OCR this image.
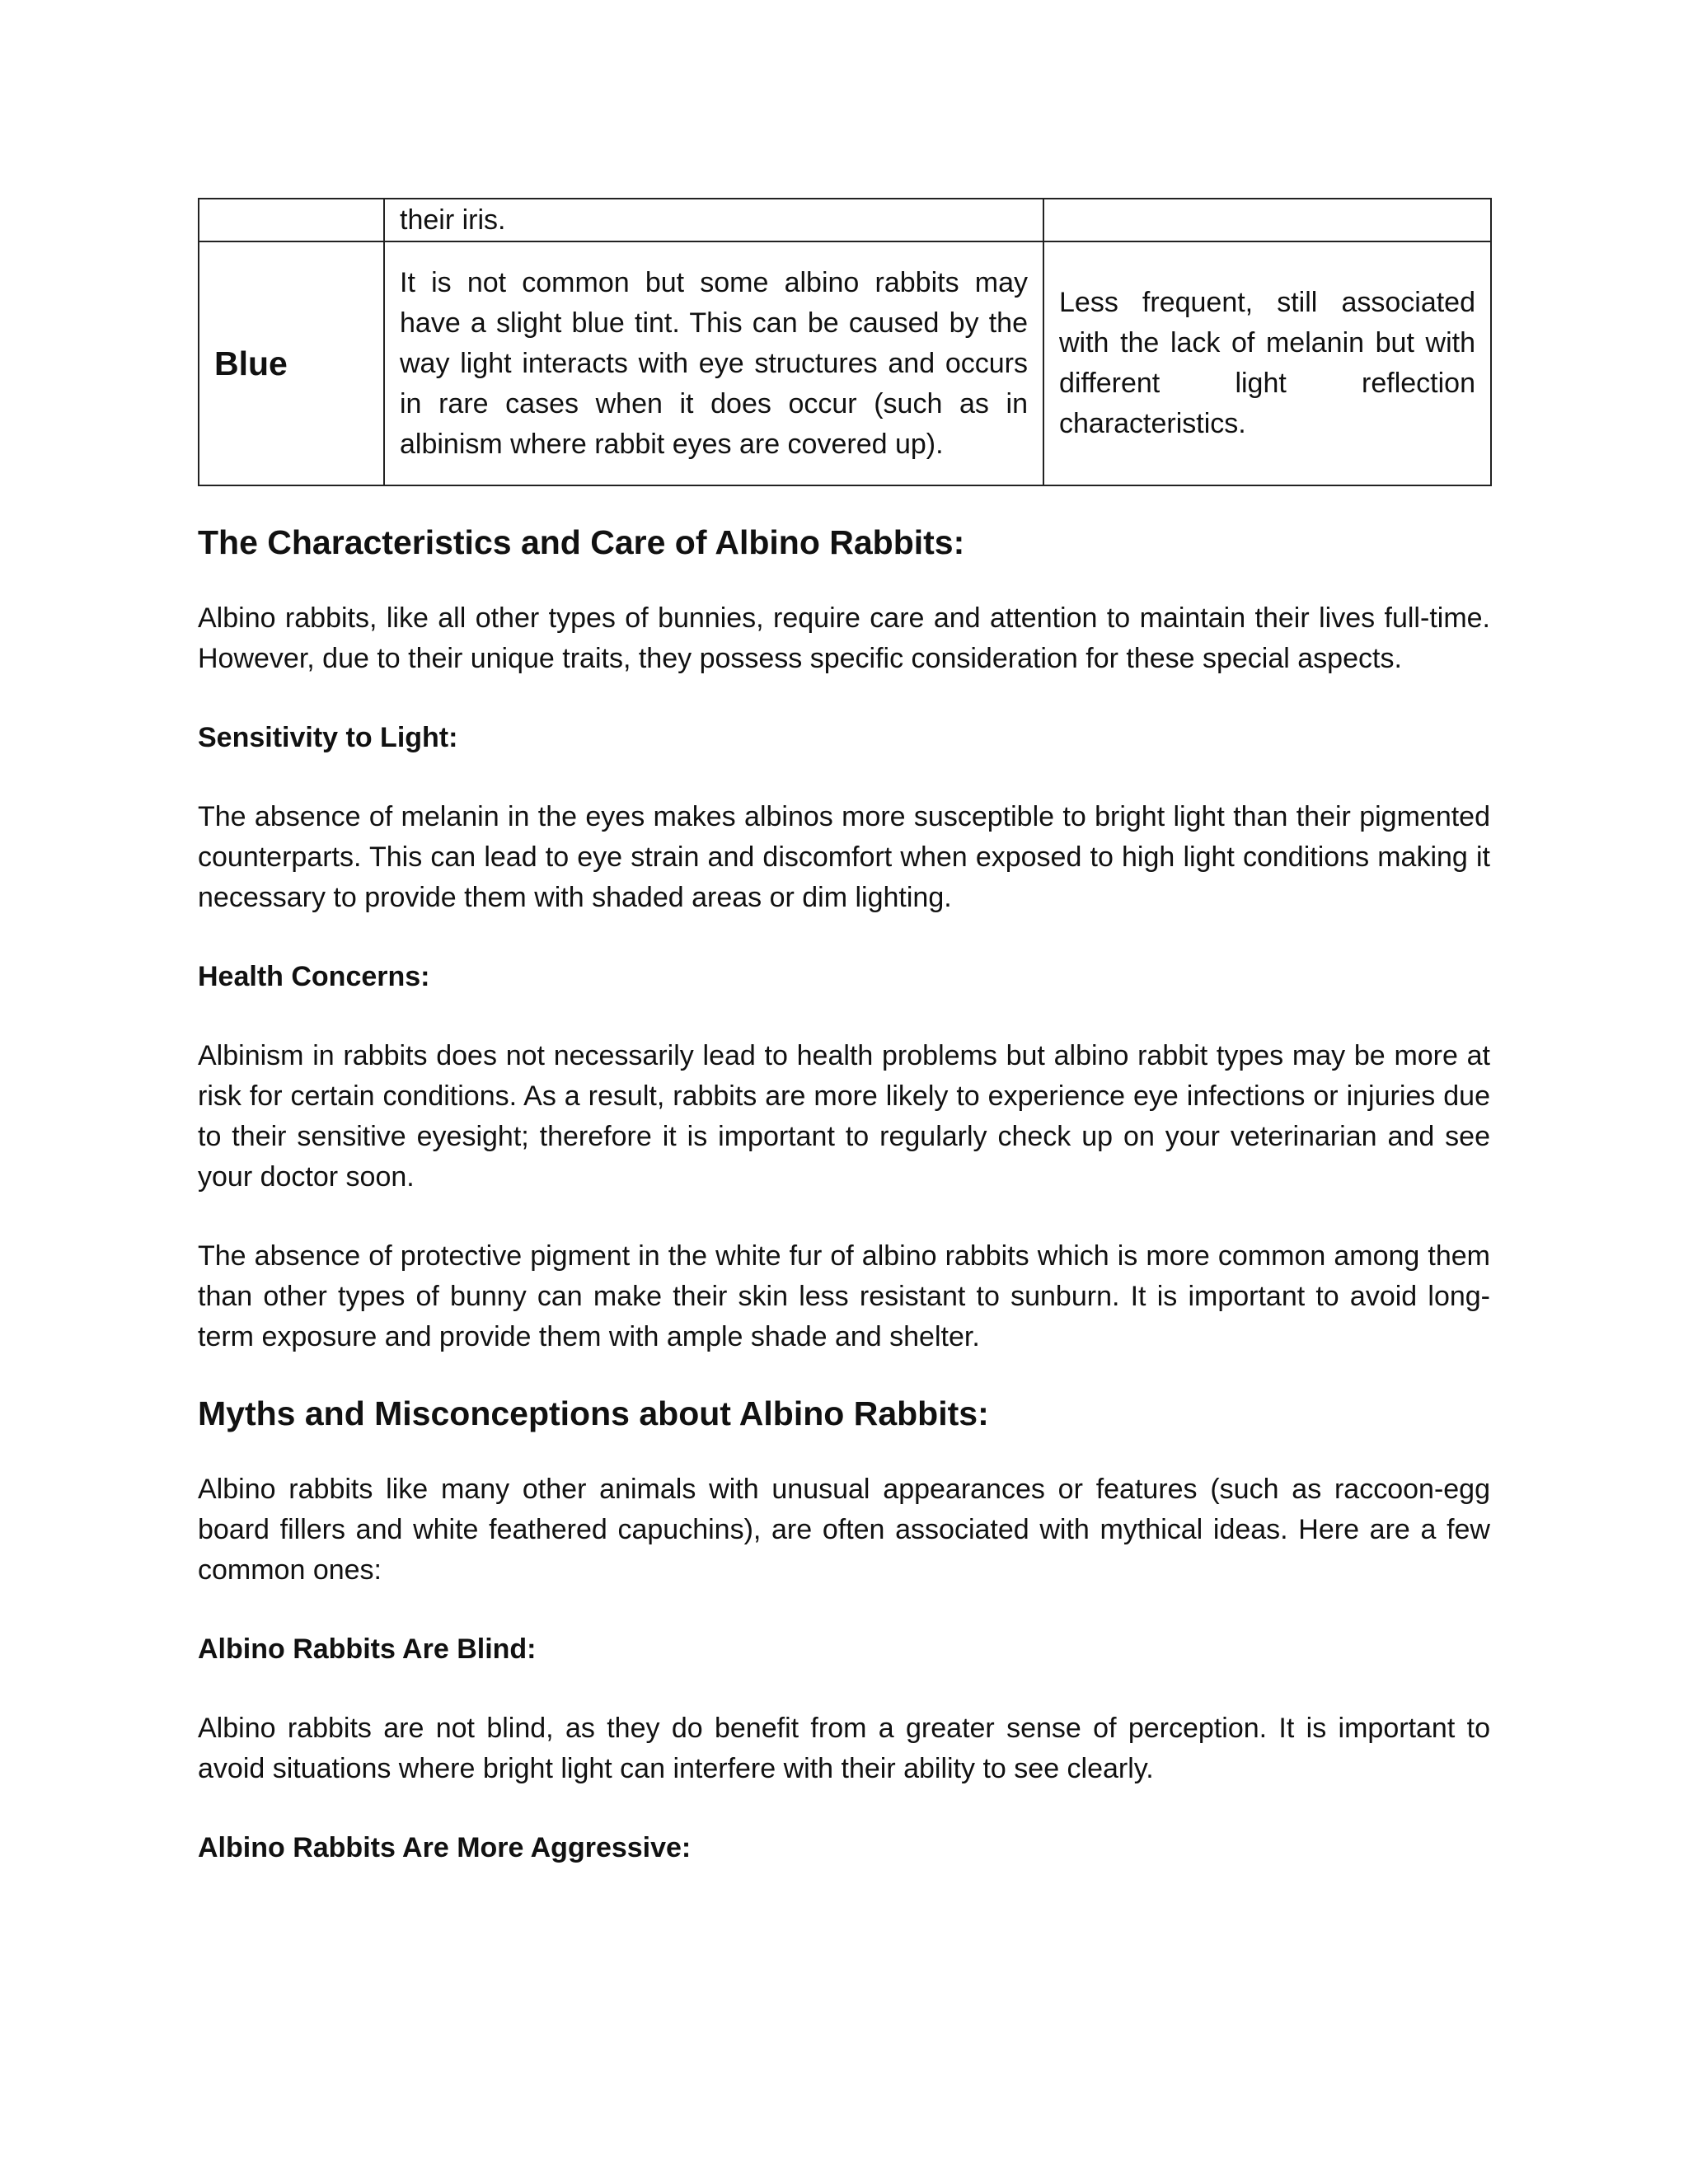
	their iris.	
Blue	It is not common but some albino rabbits may have a slight blue tint. This can be caused by the way light interacts with eye structures and occurs in rare cases when it does occur (such as in albinism where rabbit eyes are covered up).	Less frequent, still associated with the lack of melanin but with different light reflection characteristics.
The Characteristics and Care of Albino Rabbits:

Albino rabbits, like all other types of bunnies, require care and attention to maintain their lives full-time. However, due to their unique traits, they possess specific consideration for these special aspects.

Sensitivity to Light:

The absence of melanin in the eyes makes albinos more susceptible to bright light than their pigmented counterparts. This can lead to eye strain and discomfort when exposed to high light conditions making it necessary to provide them with shaded areas or dim lighting.

Health Concerns:

Albinism in rabbits does not necessarily lead to health problems but albino rabbit types may be more at risk for certain conditions. As a result, rabbits are more likely to experience eye infections or injuries due to their sensitive eyesight; therefore it is important to regularly check up on your veterinarian and see your doctor soon.

The absence of protective pigment in the white fur of albino rabbits which is more common among them than other types of bunny can make their skin less resistant to sunburn. It is important to avoid long-term exposure and provide them with ample shade and shelter.

Myths and Misconceptions about Albino Rabbits:

Albino rabbits like many other animals with unusual appearances or features (such as raccoon-egg board fillers and white feathered capuchins), are often associated with mythical ideas. Here are a few common ones:

Albino Rabbits Are Blind:

Albino rabbits are not blind, as they do benefit from a greater sense of perception. It is important to avoid situations where bright light can interfere with their ability to see clearly.

Albino Rabbits Are More Aggressive:
